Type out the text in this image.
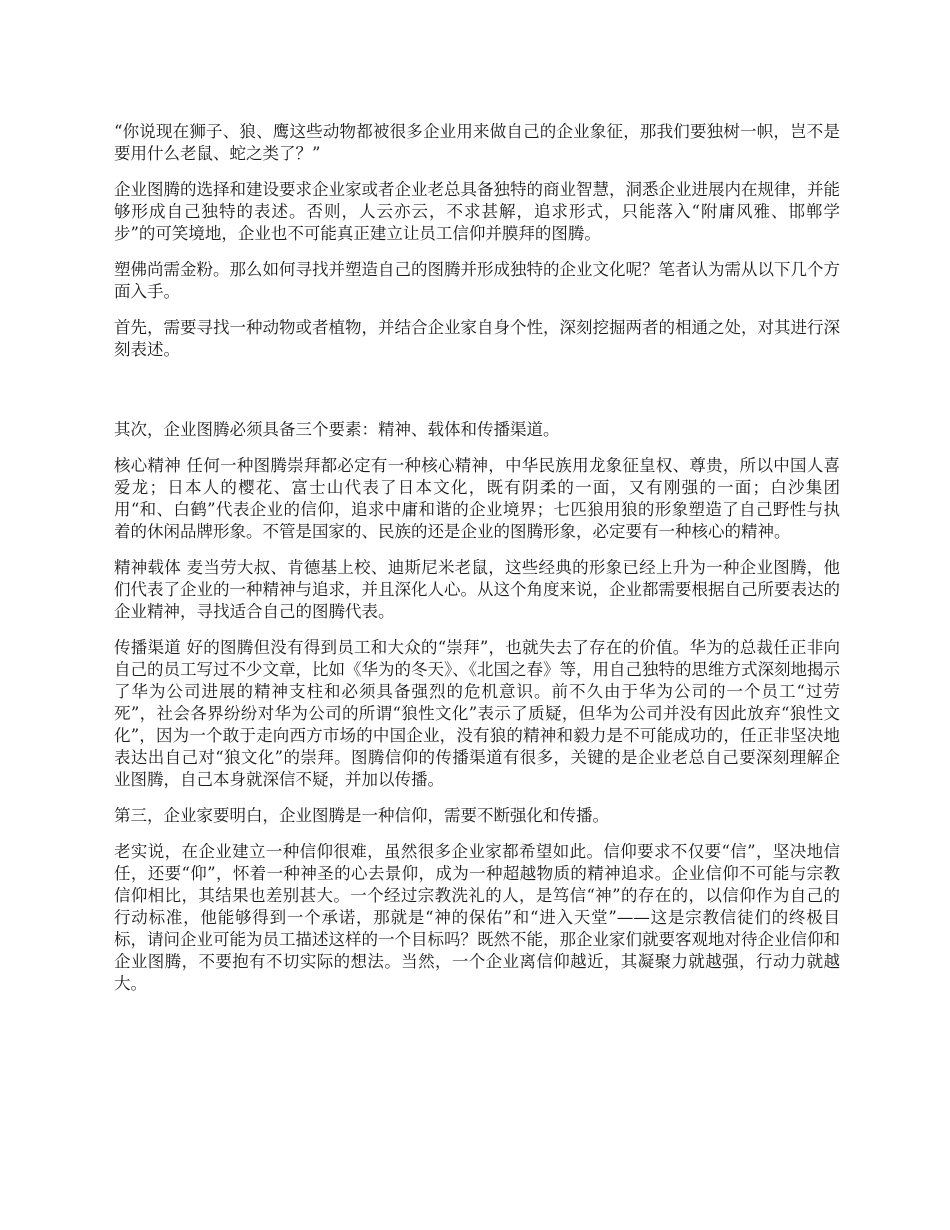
“你说现在狮子、狼、鹰这些动物都被很多企业用来做自己的企业象征，那我们要独树一帜，岂不是要用什么老鼠、蛇之类了？”

企业图腾的选择和建设要求企业家或者企业老总具备独特的商业智慧，洞悉企业进展内在规律，并能够形成自己独特的表述。否则，人云亦云，不求甚解，追求形式，只能落入“附庸风雅、邯郸学步”的可笑境地，企业也不可能真正建立让员工信仰并膜拜的图腾。

塑佛尚需金粉。那么如何寻找并塑造自己的图腾并形成独特的企业文化呢？笔者认为需从以下几个方面入手。

首先，需要寻找一种动物或者植物，并结合企业家自身个性，深刻挖掘两者的相通之处，对其进行深刻表述。

其次，企业图腾必须具备三个要素：精神、载体和传播渠道。

核心精神 任何一种图腾崇拜都必定有一种核心精神，中华民族用龙象征皇权、尊贵，所以中国人喜爱龙；日本人的樱花、富士山代表了日本文化，既有阴柔的一面，又有刚强的一面；白沙集团用“和、白鹤”代表企业的信仰，追求中庸和谐的企业境界；七匹狼用狼的形象塑造了自己野性与执着的休闲品牌形象。不管是国家的、民族的还是企业的图腾形象，必定要有一种核心的精神。

精神载体 麦当劳大叔、肯德基上校、迪斯尼米老鼠，这些经典的形象已经上升为一种企业图腾，他们代表了企业的一种精神与追求，并且深化人心。从这个角度来说，企业都需要根据自己所要表达的企业精神，寻找适合自己的图腾代表。

传播渠道 好的图腾但没有得到员工和大众的“崇拜”，也就失去了存在的价值。华为的总裁任正非向自己的员工写过不少文章，比如《华为的冬天》、《北国之春》等，用自己独特的思维方式深刻地揭示了华为公司进展的精神支柱和必须具备强烈的危机意识。前不久由于华为公司的一个员工“过劳死”，社会各界纷纷对华为公司的所谓“狼性文化”表示了质疑，但华为公司并没有因此放弃“狼性文化”，因为一个敢于走向西方市场的中国企业，没有狼的精神和毅力是不可能成功的，任正非坚决地表达出自己对“狼文化”的崇拜。图腾信仰的传播渠道有很多，关键的是企业老总自己要深刻理解企业图腾，自己本身就深信不疑，并加以传播。

第三，企业家要明白，企业图腾是一种信仰，需要不断强化和传播。

老实说，在企业建立一种信仰很难，虽然很多企业家都希望如此。信仰要求不仅要“信”，坚决地信任，还要“仰”，怀着一种神圣的心去景仰，成为一种超越物质的精神追求。企业信仰不可能与宗教信仰相比，其结果也差别甚大。一个经过宗教洗礼的人，是笃信“神”的存在的，以信仰作为自己的行动标准，他能够得到一个承诺，那就是“神的保佑”和“进入天堂”——这是宗教信徒们的终极目标，请问企业可能为员工描述这样的一个目标吗？既然不能，那企业家们就要客观地对待企业信仰和企业图腾，不要抱有不切实际的想法。当然，一个企业离信仰越近，其凝聚力就越强，行动力就越大。
